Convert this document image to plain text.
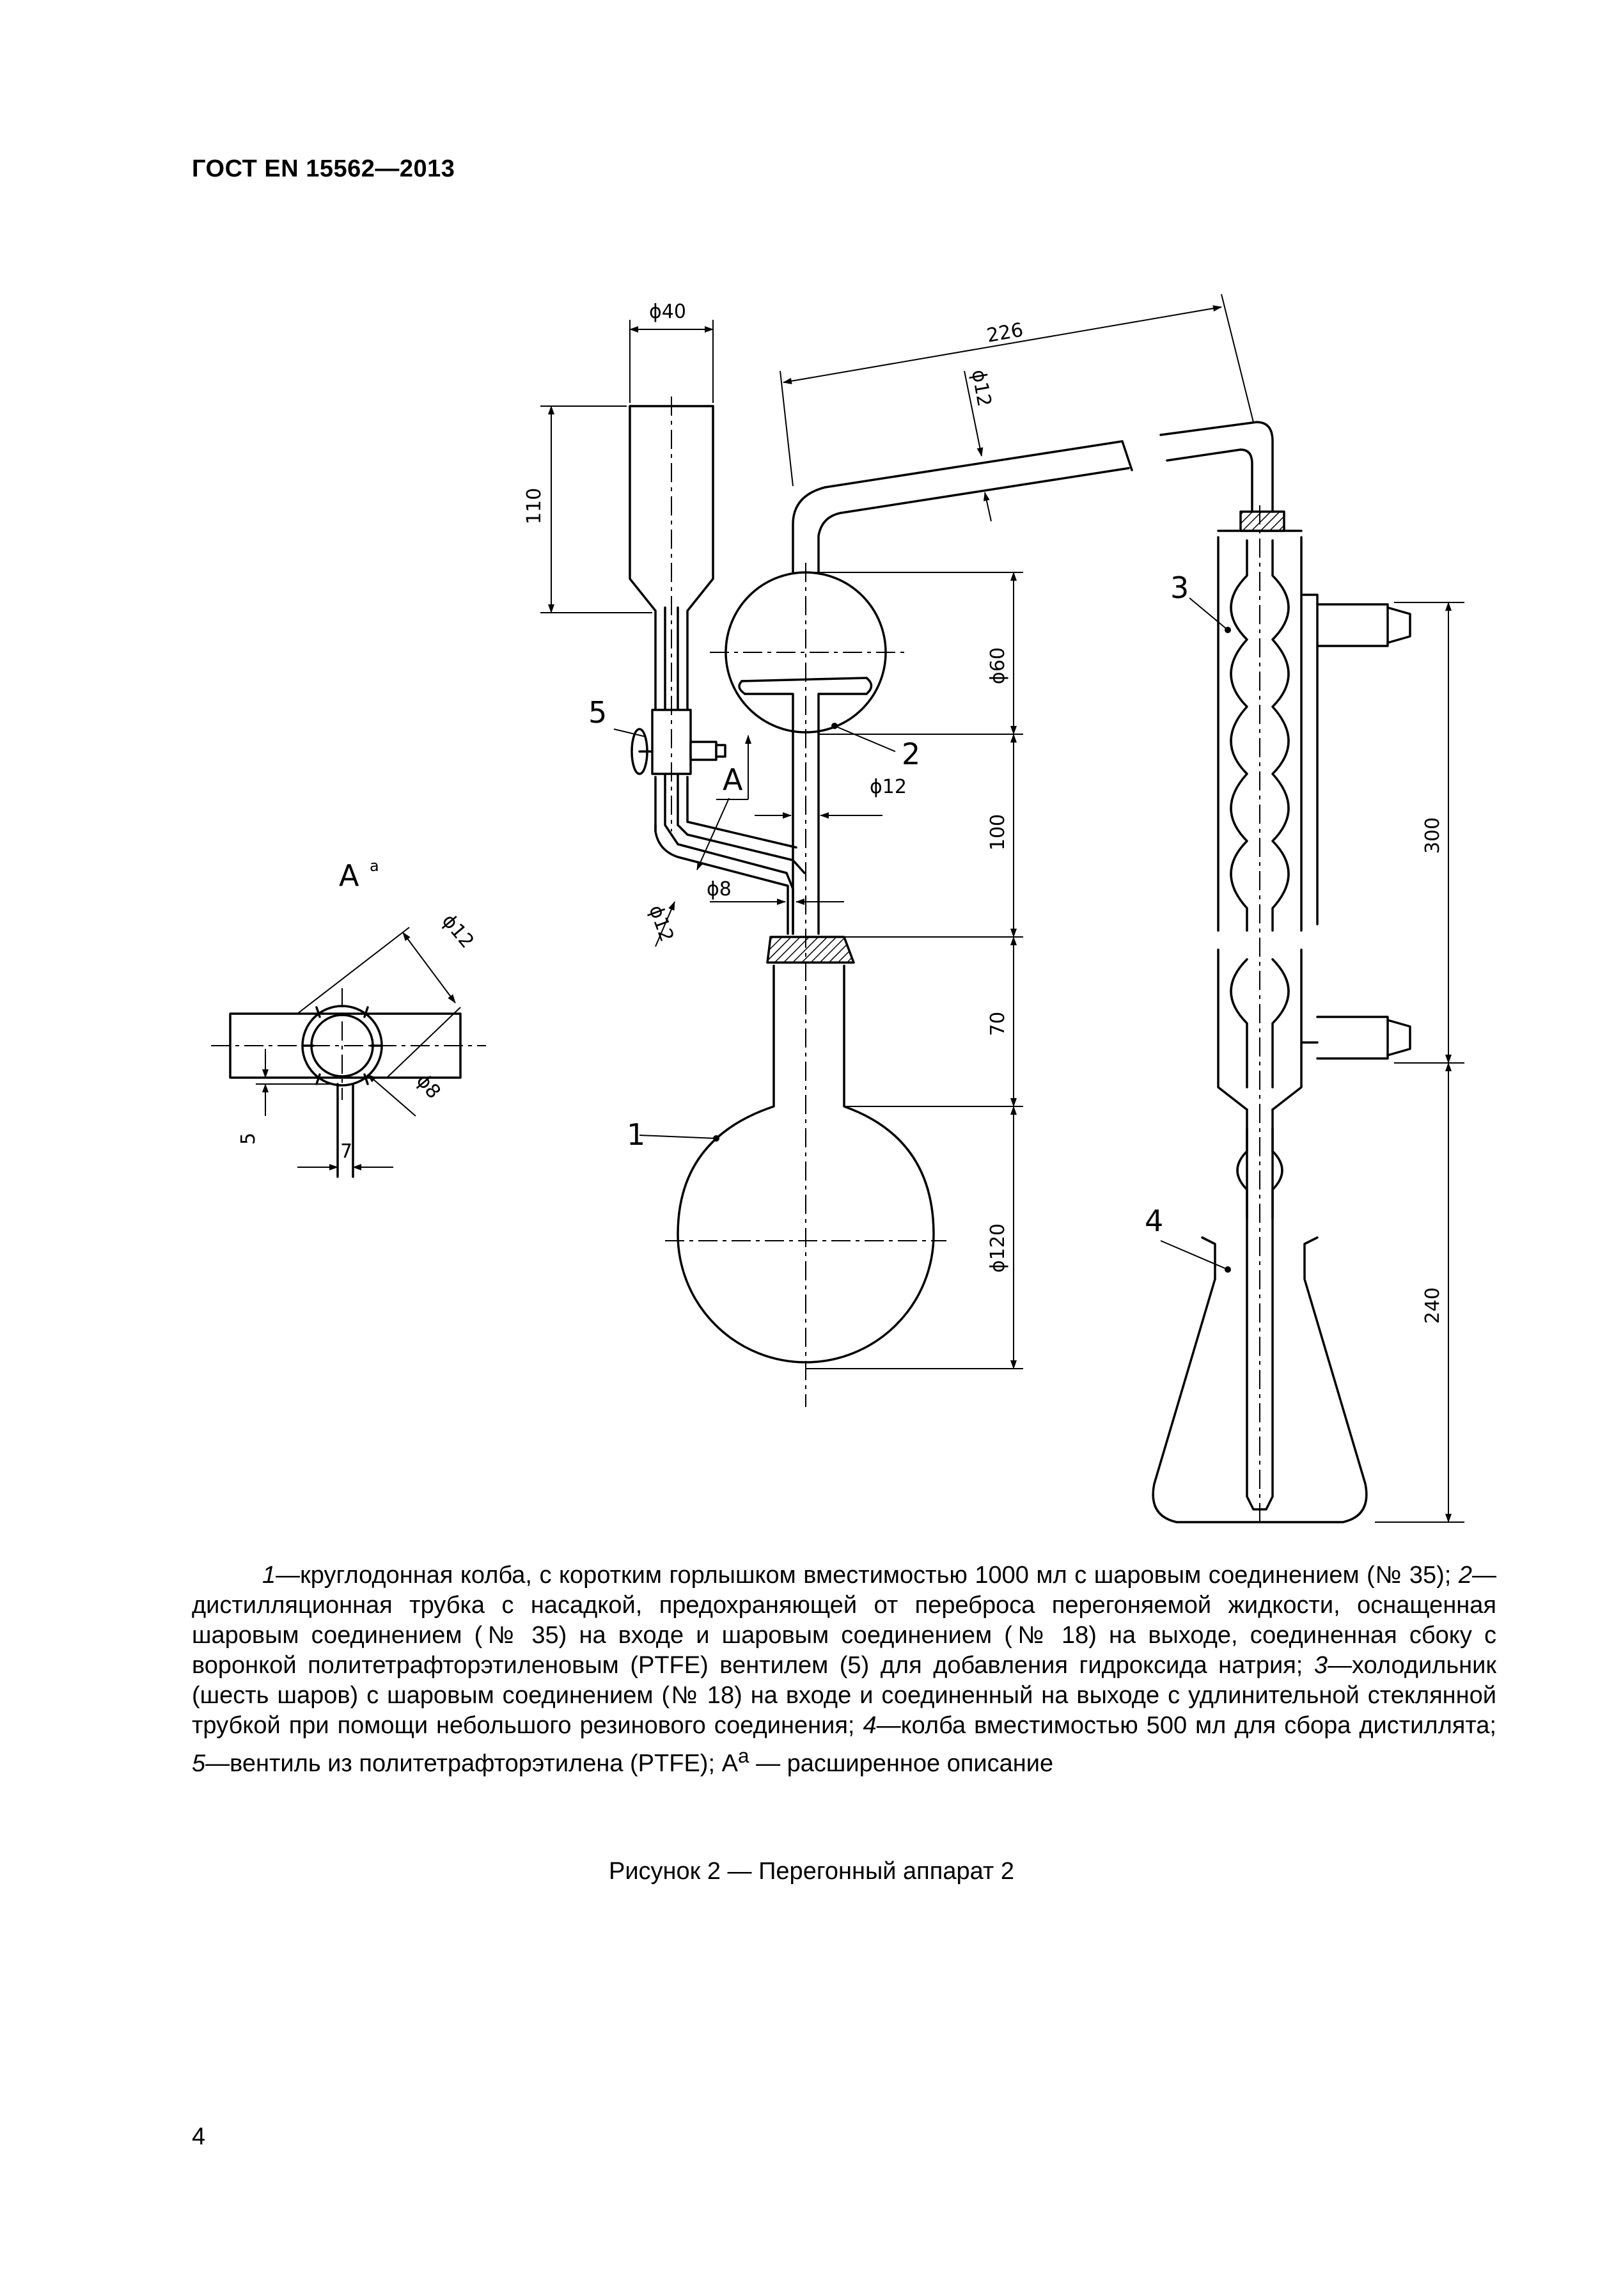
ГОСТ EN 15562—2013
ϕ40
110
226
ϕ12
ϕ60
100
ϕ12
ϕ8
ϕ12
70
ϕ120
300
240
ϕ12
ϕ8
5
7	1
2
3
4
5
A
A а

1—круглодонная колба, с коротким горлышком вместимостью 1000 мл с шаровым соединением (№ 35); 2—дистилляционная трубка с насадкой, предохраняющей от переброса перегоняемой жидкости, оснащенная шаровым соединением (№ 35) на входе и шаровым соединением (№ 18) на выходе, соединенная сбоку с воронкой политетрафторэтиленовым (PTFE) вентилем (5) для добавления гидроксида натрия; 3—холодильник (шесть шаров) с шаровым соединением (№ 18) на входе и соединенный на выходе с удлинительной стеклянной трубкой при помощи небольшого резинового соединения; 4—колба вместимостью 500 мл для сбора дистиллята; 5—вентиль из политетрафторэтилена (PTFE); $A^а$ — расширенное описание

Рисунок 2 — Перегонный аппарат 2
4
